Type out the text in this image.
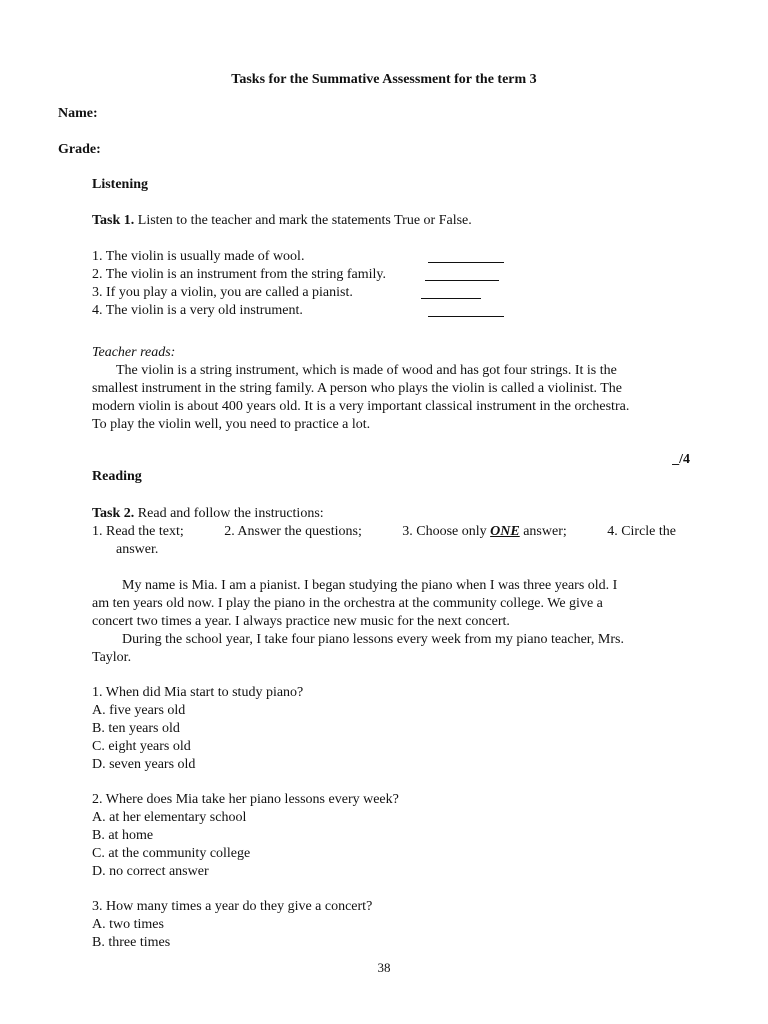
Tasks for the Summative Assessment for the term 3
Name:
Grade:
Listening
Task 1. Listen to the teacher and mark the statements True or False.
1. The violin is usually made of wool.
2. The violin is an instrument from the string family.
3. If you play a violin, you are called a pianist.
4. The violin is a very old instrument.
Teacher reads:
The violin is a string instrument, which is made of wood and has got four strings. It is the
smallest instrument in the string family. A person who plays the violin is called a violinist. The
modern violin is about 400 years old. It is a very important classical instrument in the orchestra.
To play the violin well, you need to practice a lot.
_/4
Reading
Task 2. Read and follow the instructions:
1. Read the text;	2. Answer the questions;	3. Choose only ONE answer;	4. Circle the
answer.
My name is Mia. I am a pianist. I began studying the piano when I was three years old. I
am ten years old now. I play the piano in the orchestra at the community college. We give a
concert two times a year. I always practice new music for the next concert.
During the school year, I take four piano lessons every week from my piano teacher, Mrs.
Taylor.
1. When did Mia start to study piano?
A. five years old
B. ten years old
C. eight years old
D. seven years old
2. Where does Mia take her piano lessons every week?
A. at her elementary school
B. at home
C. at the community college
D. no correct answer
3. How many times a year do they give a concert?
A. two times
B. three times
38
